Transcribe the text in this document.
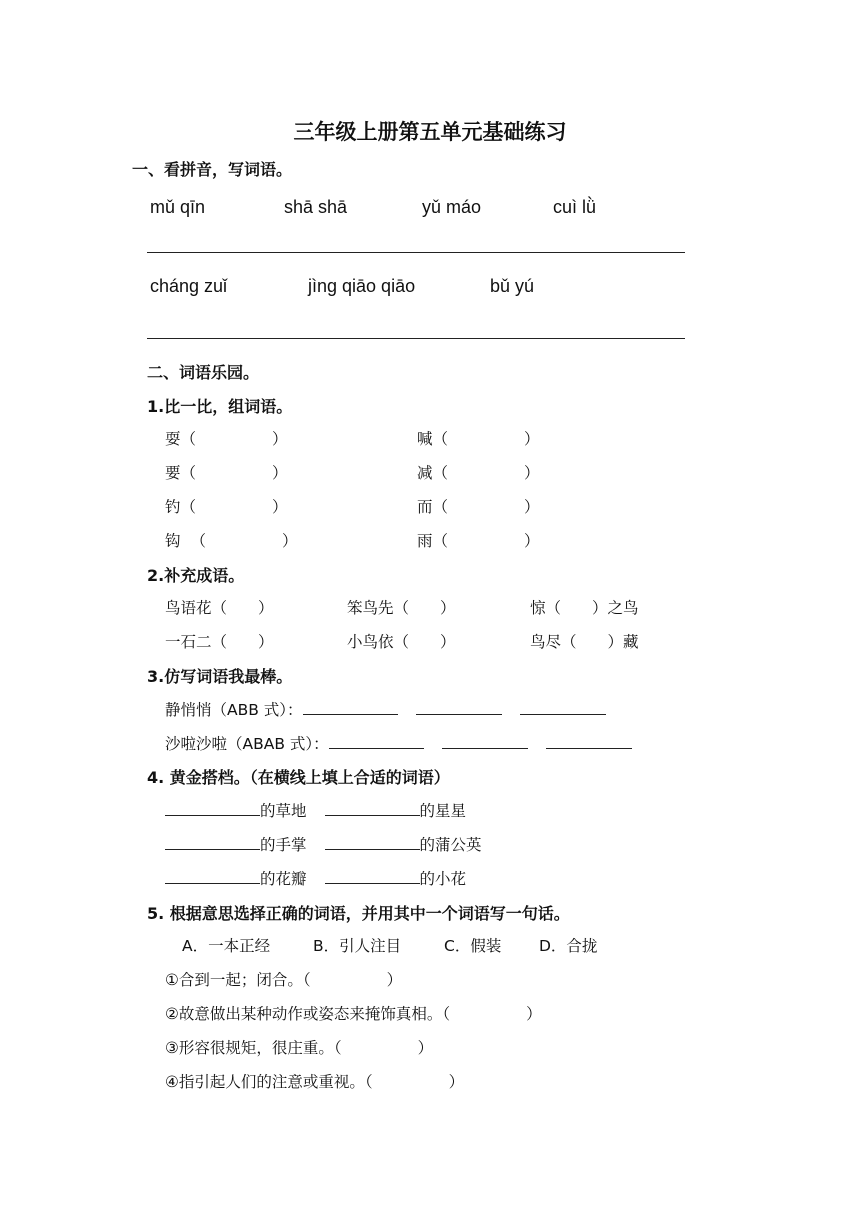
三年级上册第五单元基础练习
一、看拼音，写词语。
mǔ qīn	shā shā	yǔ máo	cuì lǜ
cháng zuǐ	jìng qiāo qiāo	bǔ yú
二、词语乐园。
1.比一比，组词语。
耍（	）	喊（	）
要（	）	减（	）
钓（	）	而（	）
钩 （	）	雨（	）
2.补充成语。
鸟语花（　　）	笨鸟先（　　）	惊（　　）之鸟
一石二（　　）	小鸟依（　　）	鸟尽（　　）藏
3.仿写词语我最棒。
静悄悄（ABB 式）：
沙啦沙啦（ABAB 式）：
4. 黄金搭档。（在横线上填上合适的词语）
的草地	的星星
的手掌	的蒲公英
的花瓣	的小花
5. 根据意思选择正确的词语，并用其中一个词语写一句话。
A．一本正经	B．引人注目	C．假装 D．合拢
①合到一起；闭合。（	）
②故意做出某种动作或姿态来掩饰真相。（	）
③形容很规矩，很庄重。（	）
④指引起人们的注意或重视。（	）
